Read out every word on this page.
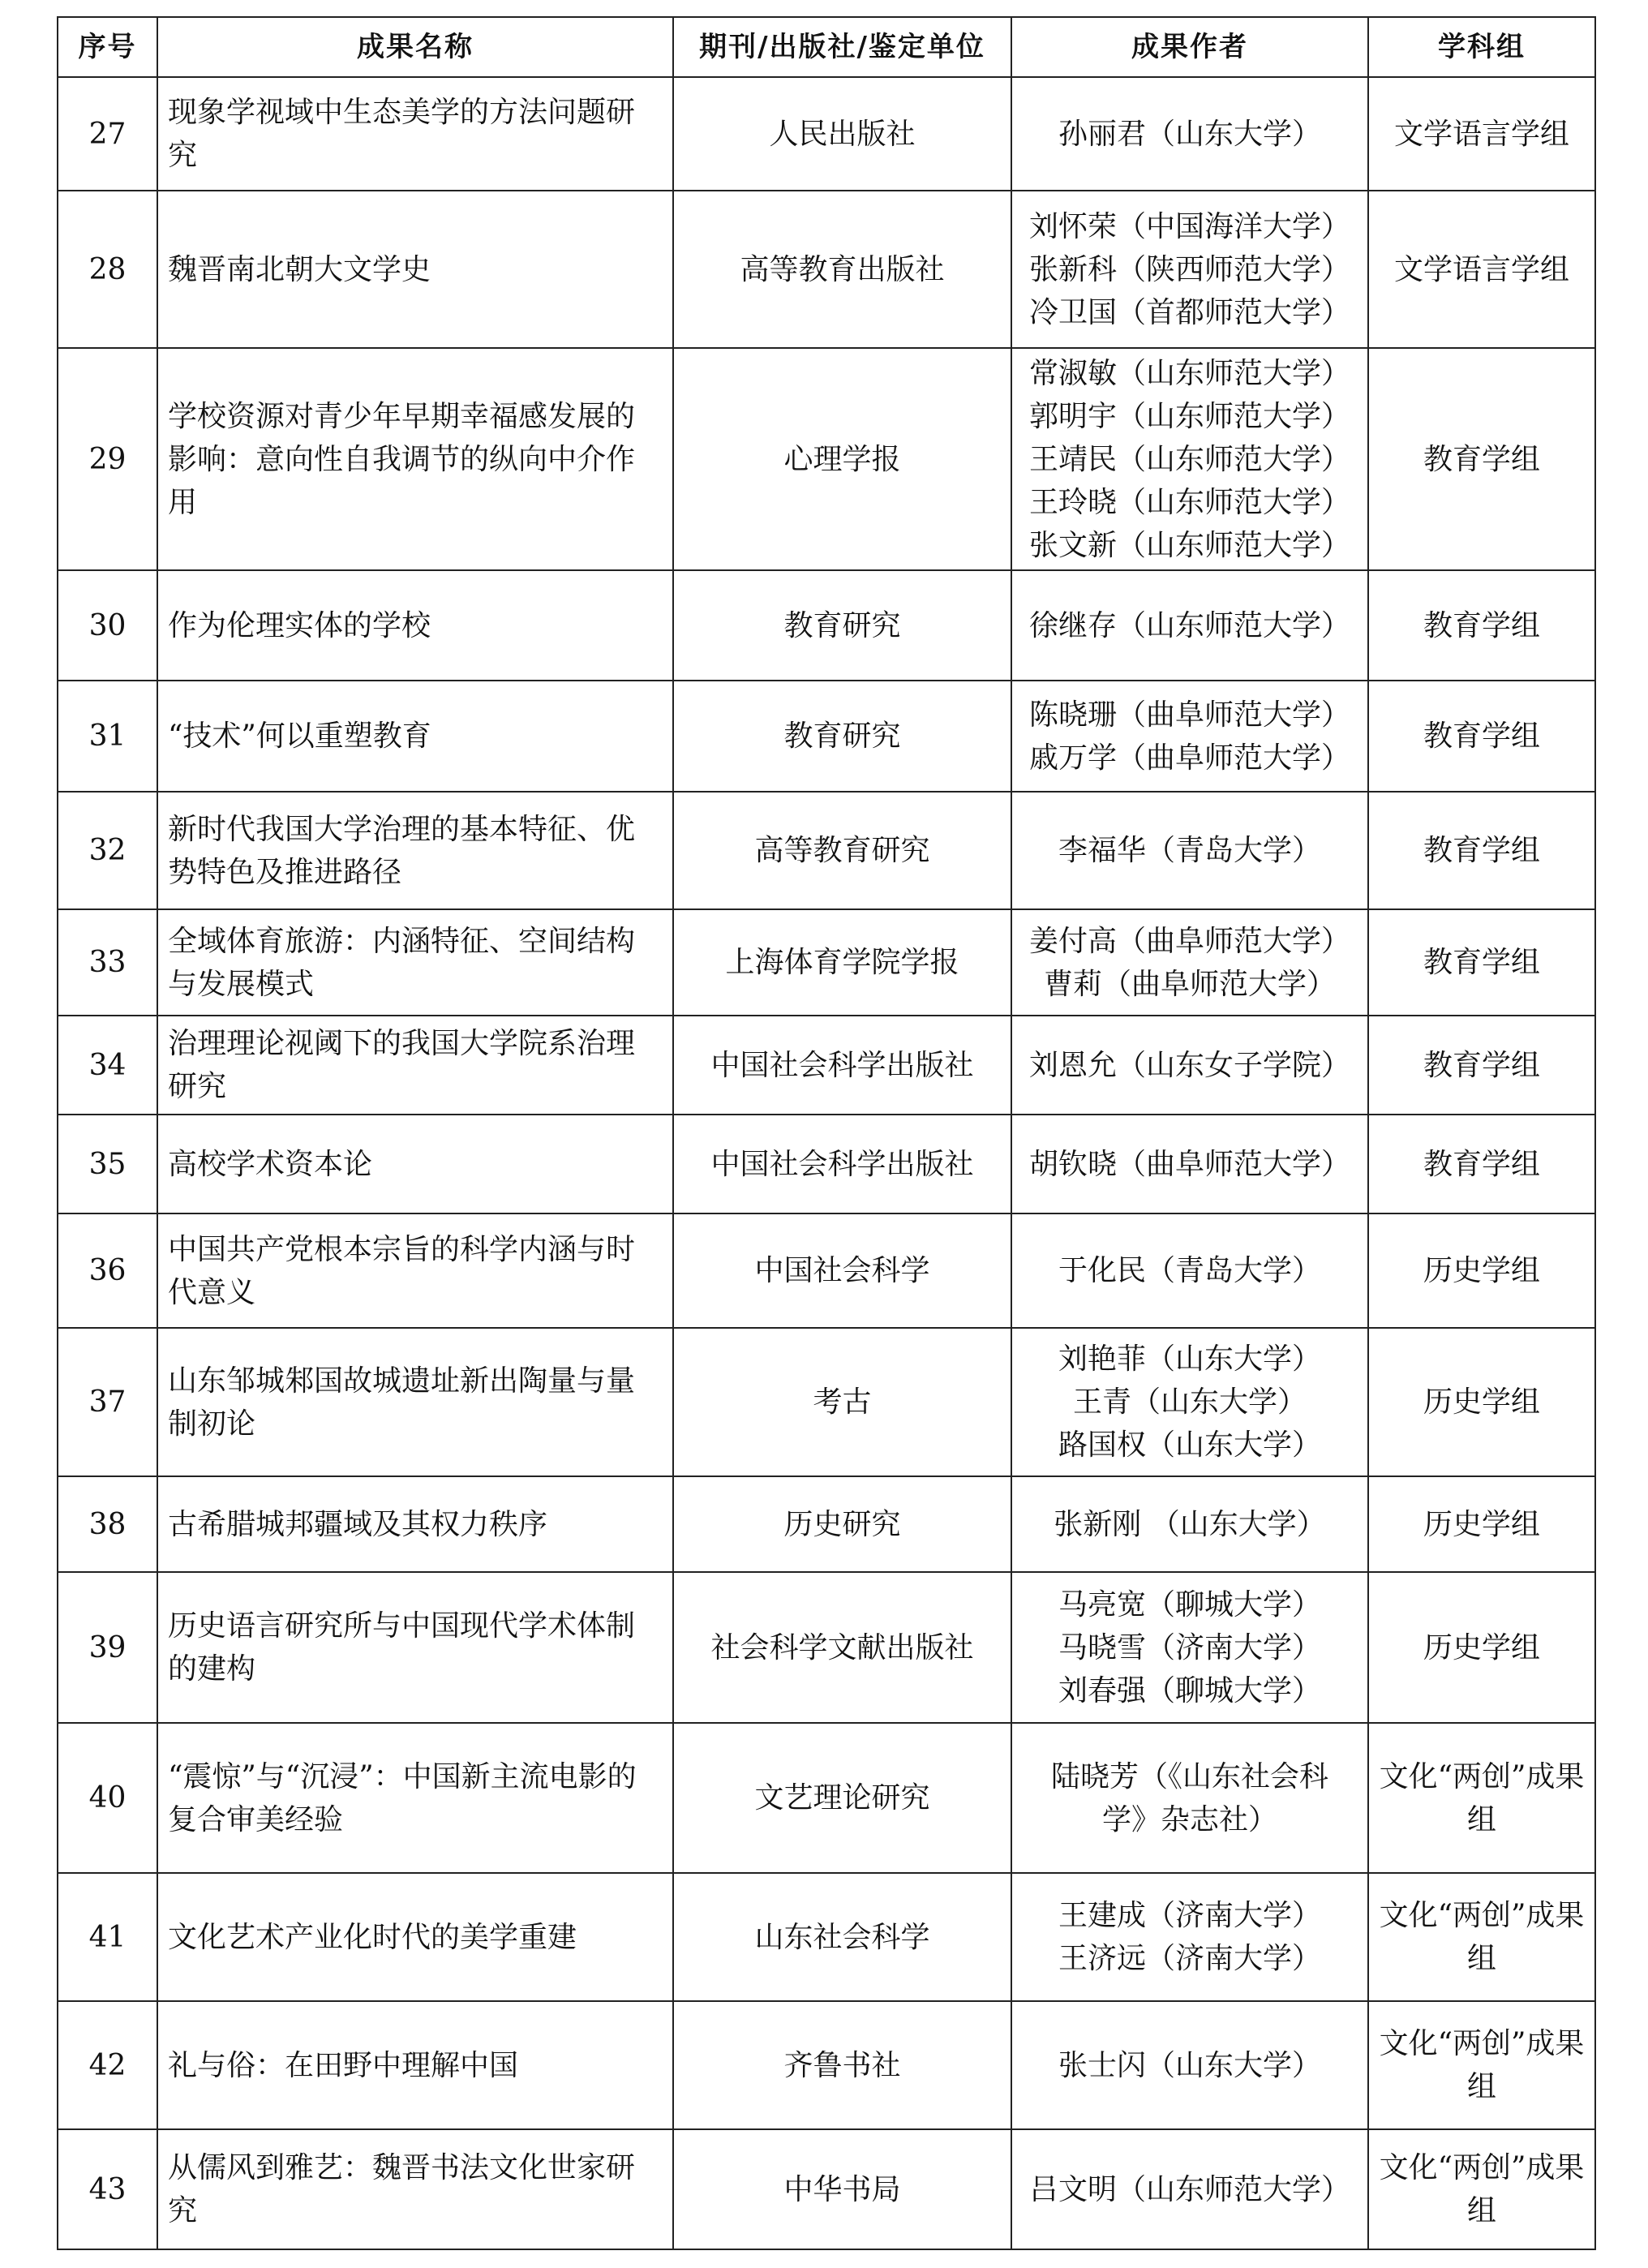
序号	成果名称	期刊/出版社/鉴定单位	成果作者	学科组
27	现象学视域中生态美学的方法问题研究	人民出版社	孙丽君（山东大学）	文学语言学组
28	魏晋南北朝大文学史	高等教育出版社	刘怀荣（中国海洋大学）
张新科（陕西师范大学）
冷卫国（首都师范大学）	文学语言学组
29	学校资源对青少年早期幸福感发展的影响：意向性自我调节的纵向中介作用	心理学报	常淑敏（山东师范大学）
郭明宇（山东师范大学）
王靖民（山东师范大学）
王玲晓（山东师范大学）
张文新（山东师范大学）	教育学组
30	作为伦理实体的学校	教育研究	徐继存（山东师范大学）	教育学组
31	“技术”何以重塑教育	教育研究	陈晓珊（曲阜师范大学）
戚万学（曲阜师范大学）	教育学组
32	新时代我国大学治理的基本特征、优势特色及推进路径	高等教育研究	李福华（青岛大学）	教育学组
33	全域体育旅游：内涵特征、空间结构与发展模式	上海体育学院学报	姜付高（曲阜师范大学）
曹莉（曲阜师范大学）	教育学组
34	治理理论视阈下的我国大学院系治理研究	中国社会科学出版社	刘恩允（山东女子学院）	教育学组
35	高校学术资本论	中国社会科学出版社	胡钦晓（曲阜师范大学）	教育学组
36	中国共产党根本宗旨的科学内涵与时代意义	中国社会科学	于化民（青岛大学）	历史学组
37	山东邹城邾国故城遗址新出陶量与量制初论	考古	刘艳菲（山东大学）
王青（山东大学）
路国权（山东大学）	历史学组
38	古希腊城邦疆域及其权力秩序	历史研究	张新刚 （山东大学）	历史学组
39	历史语言研究所与中国现代学术体制的建构	社会科学文献出版社	马亮宽（聊城大学）
马晓雪（济南大学）
刘春强（聊城大学）	历史学组
40	“震惊”与“沉浸”：中国新主流电影的复合审美经验	文艺理论研究	陆晓芳（《山东社会科
学》杂志社）	文化“两创”成果组
41	文化艺术产业化时代的美学重建	山东社会科学	王建成（济南大学）
王济远（济南大学）	文化“两创”成果组
42	礼与俗：在田野中理解中国	齐鲁书社	张士闪（山东大学）	文化“两创”成果组
43	从儒风到雅艺：魏晋书法文化世家研究	中华书局	吕文明（山东师范大学）	文化“两创”成果组
